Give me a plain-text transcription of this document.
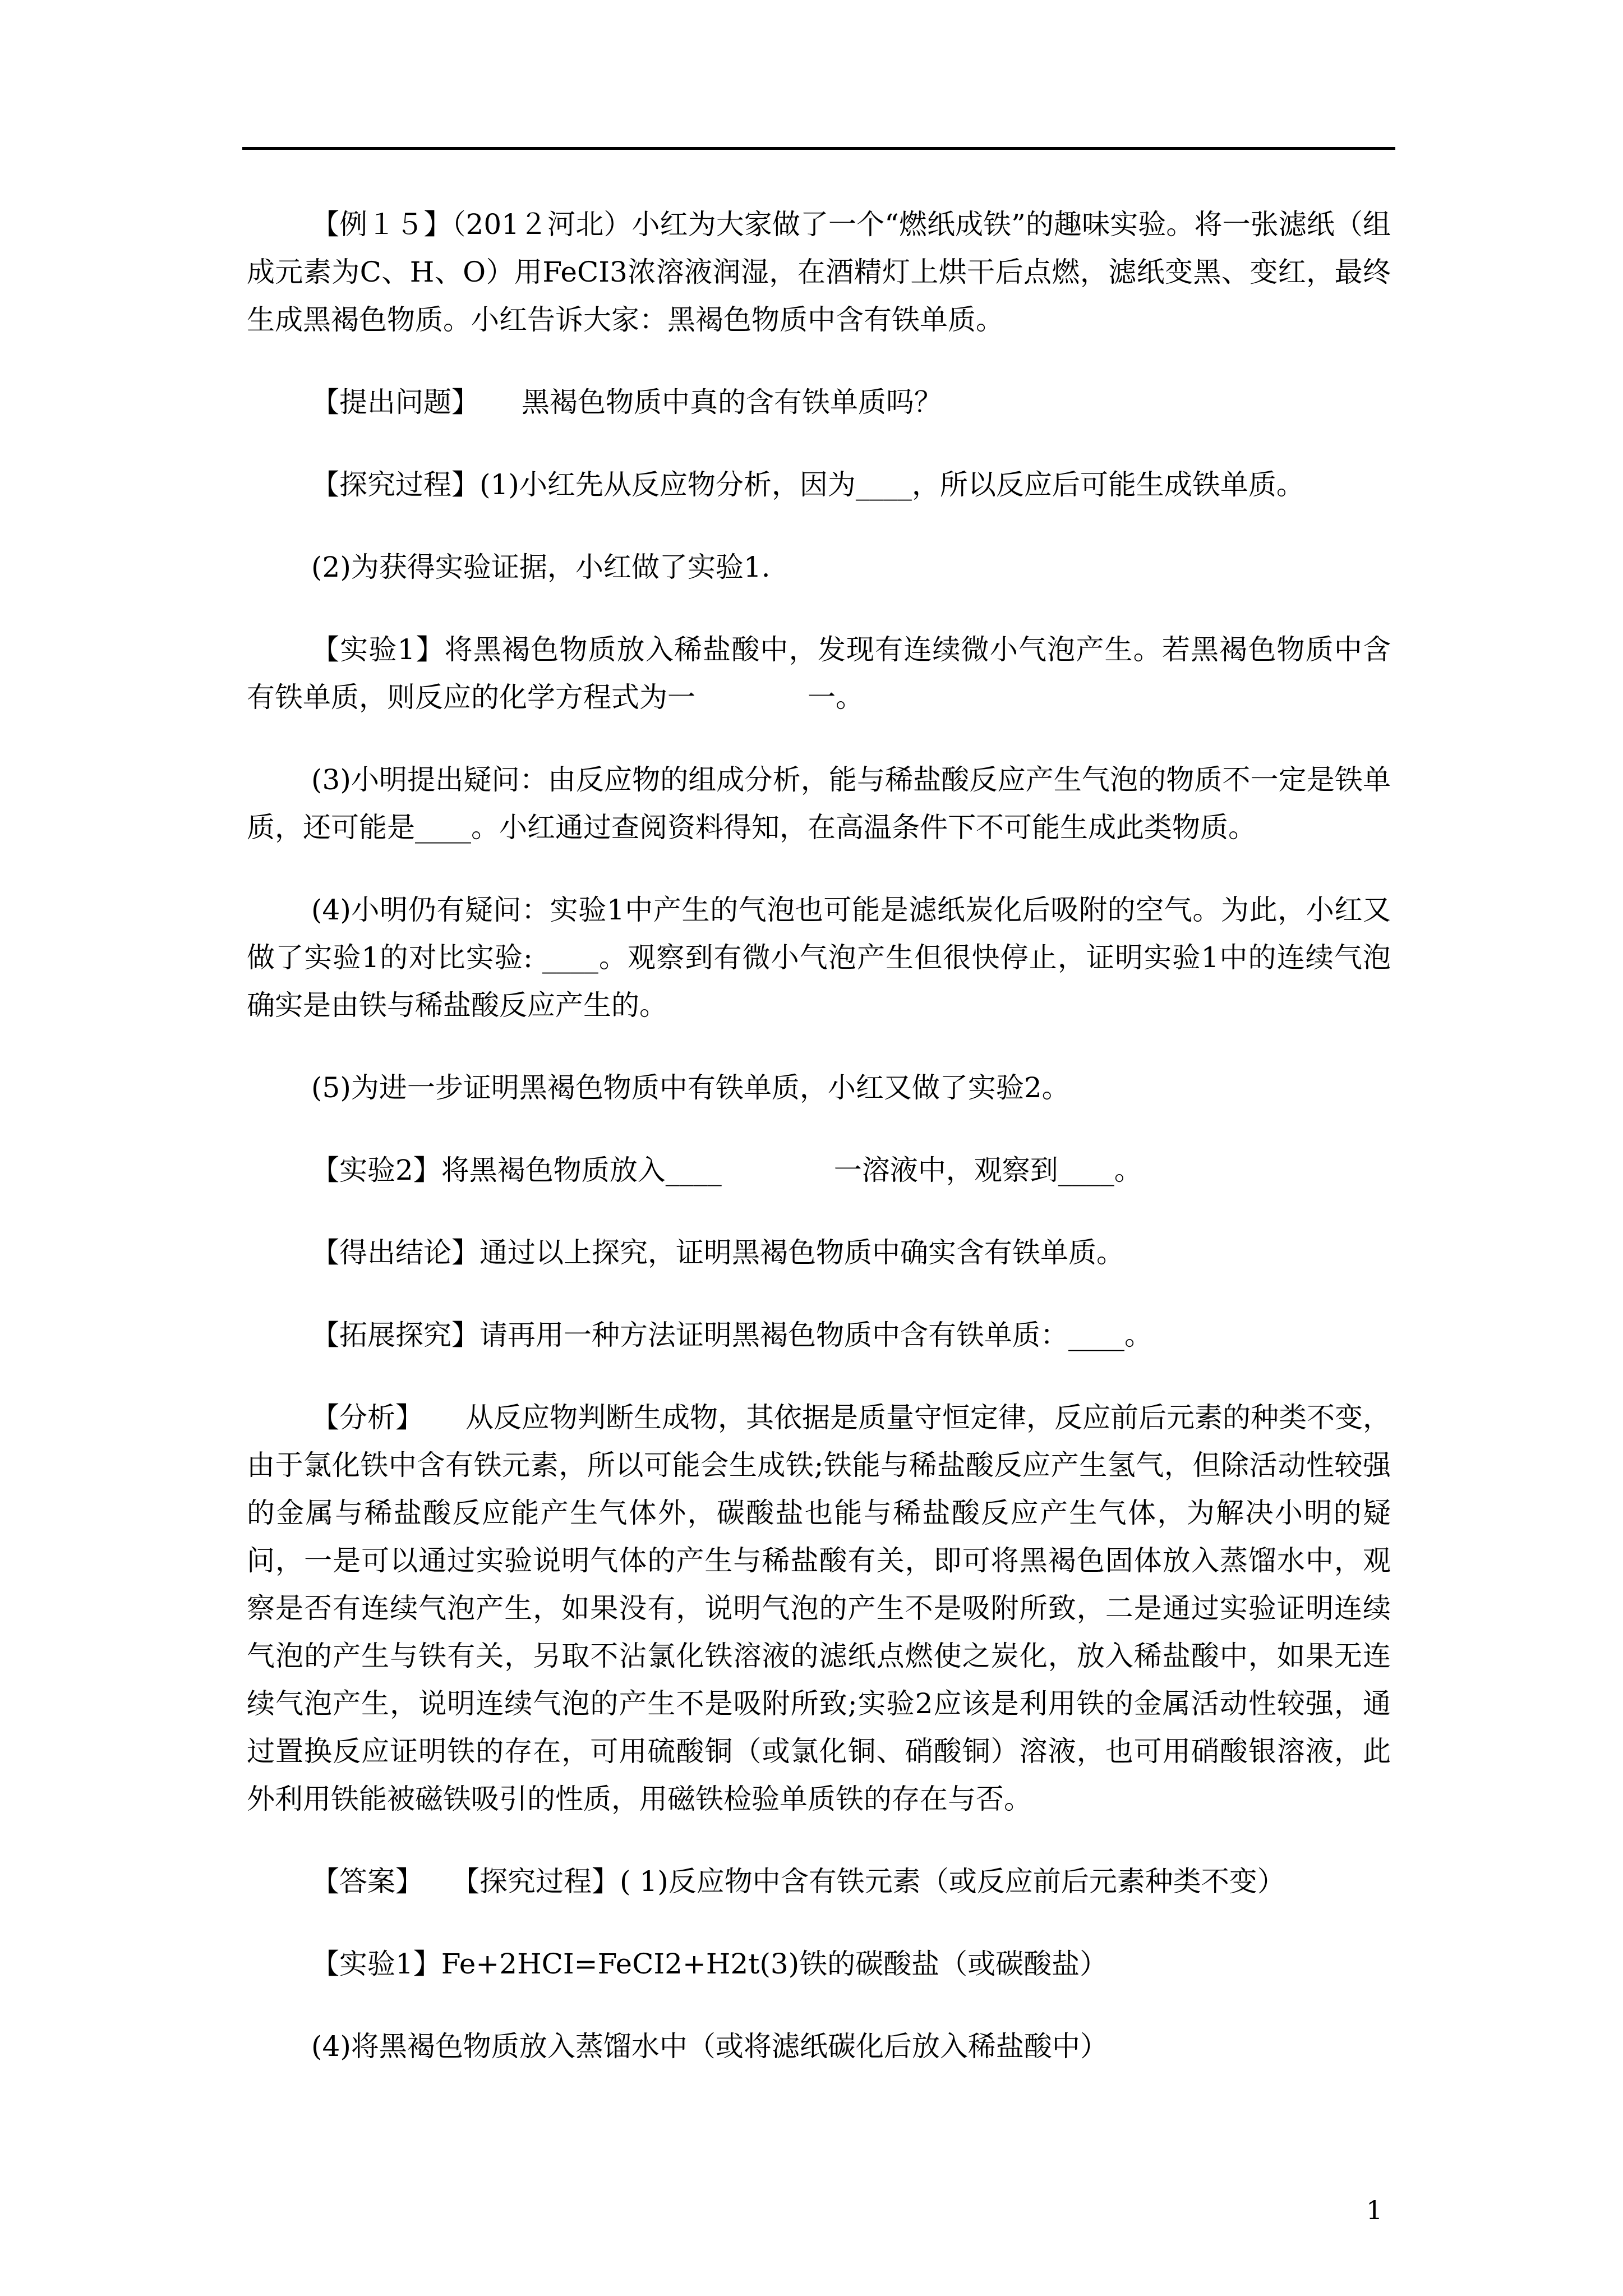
【例１５】（201２河北）小红为大家做了一个“燃纸成铁”的趣味实验。将一张滤纸（组成元素为C、H、O）用FeCI3浓溶液润湿，在酒精灯上烘干后点燃，滤纸变黑、变红，最终生成黑褐色物质。小红告诉大家：黑褐色物质中含有铁单质。

【提出问题】　　黑褐色物质中真的含有铁单质吗？

【探究过程】(1)小红先从反应物分析，因为____，所以反应后可能生成铁单质。

(2)为获得实验证据，小红做了实验1.

【实验1】将黑褐色物质放入稀盐酸中，发现有连续微小气泡产生。若黑褐色物质中含有铁单质，则反应的化学方程式为一　　　　一。

(3)小明提出疑问：由反应物的组成分析，能与稀盐酸反应产生气泡的物质不一定是铁单质，还可能是____。小红通过查阅资料得知，在高温条件下不可能生成此类物质。

(4)小明仍有疑问：实验1中产生的气泡也可能是滤纸炭化后吸附的空气。为此，小红又做了实验1的对比实验: ____。观察到有微小气泡产生但很快停止，证明实验1中的连续气泡确实是由铁与稀盐酸反应产生的。

(5)为进一步证明黑褐色物质中有铁单质，小红又做了实验2。

【实验2】将黑褐色物质放入____　　　　一溶液中，观察到____。

【得出结论】通过以上探究，证明黑褐色物质中确实含有铁单质。

【拓展探究】请再用一种方法证明黑褐色物质中含有铁单质：____。

【分析】　　从反应物判断生成物，其依据是质量守恒定律，反应前后元素的种类不变，由于氯化铁中含有铁元素，所以可能会生成铁;铁能与稀盐酸反应产生氢气，但除活动性较强的金属与稀盐酸反应能产生气体外，碳酸盐也能与稀盐酸反应产生气体，为解决小明的疑问，一是可以通过实验说明气体的产生与稀盐酸有关，即可将黑褐色固体放入蒸馏水中，观察是否有连续气泡产生，如果没有，说明气泡的产生不是吸附所致，二是通过实验证明连续气泡的产生与铁有关，另取不沾氯化铁溶液的滤纸点燃使之炭化，放入稀盐酸中，如果无连续气泡产生，说明连续气泡的产生不是吸附所致;实验2应该是利用铁的金属活动性较强，通过置换反应证明铁的存在，可用硫酸铜（或氯化铜、硝酸铜）溶液，也可用硝酸银溶液，此外利用铁能被磁铁吸引的性质，用磁铁检验单质铁的存在与否。

【答案】　　【探究过程】( 1)反应物中含有铁元素（或反应前后元素种类不变）

【实验1】Fe+2HCI=FeCI2+H2t(3)铁的碳酸盐（或碳酸盐）

(4)将黑褐色物质放入蒸馏水中（或将滤纸碳化后放入稀盐酸中）

1
